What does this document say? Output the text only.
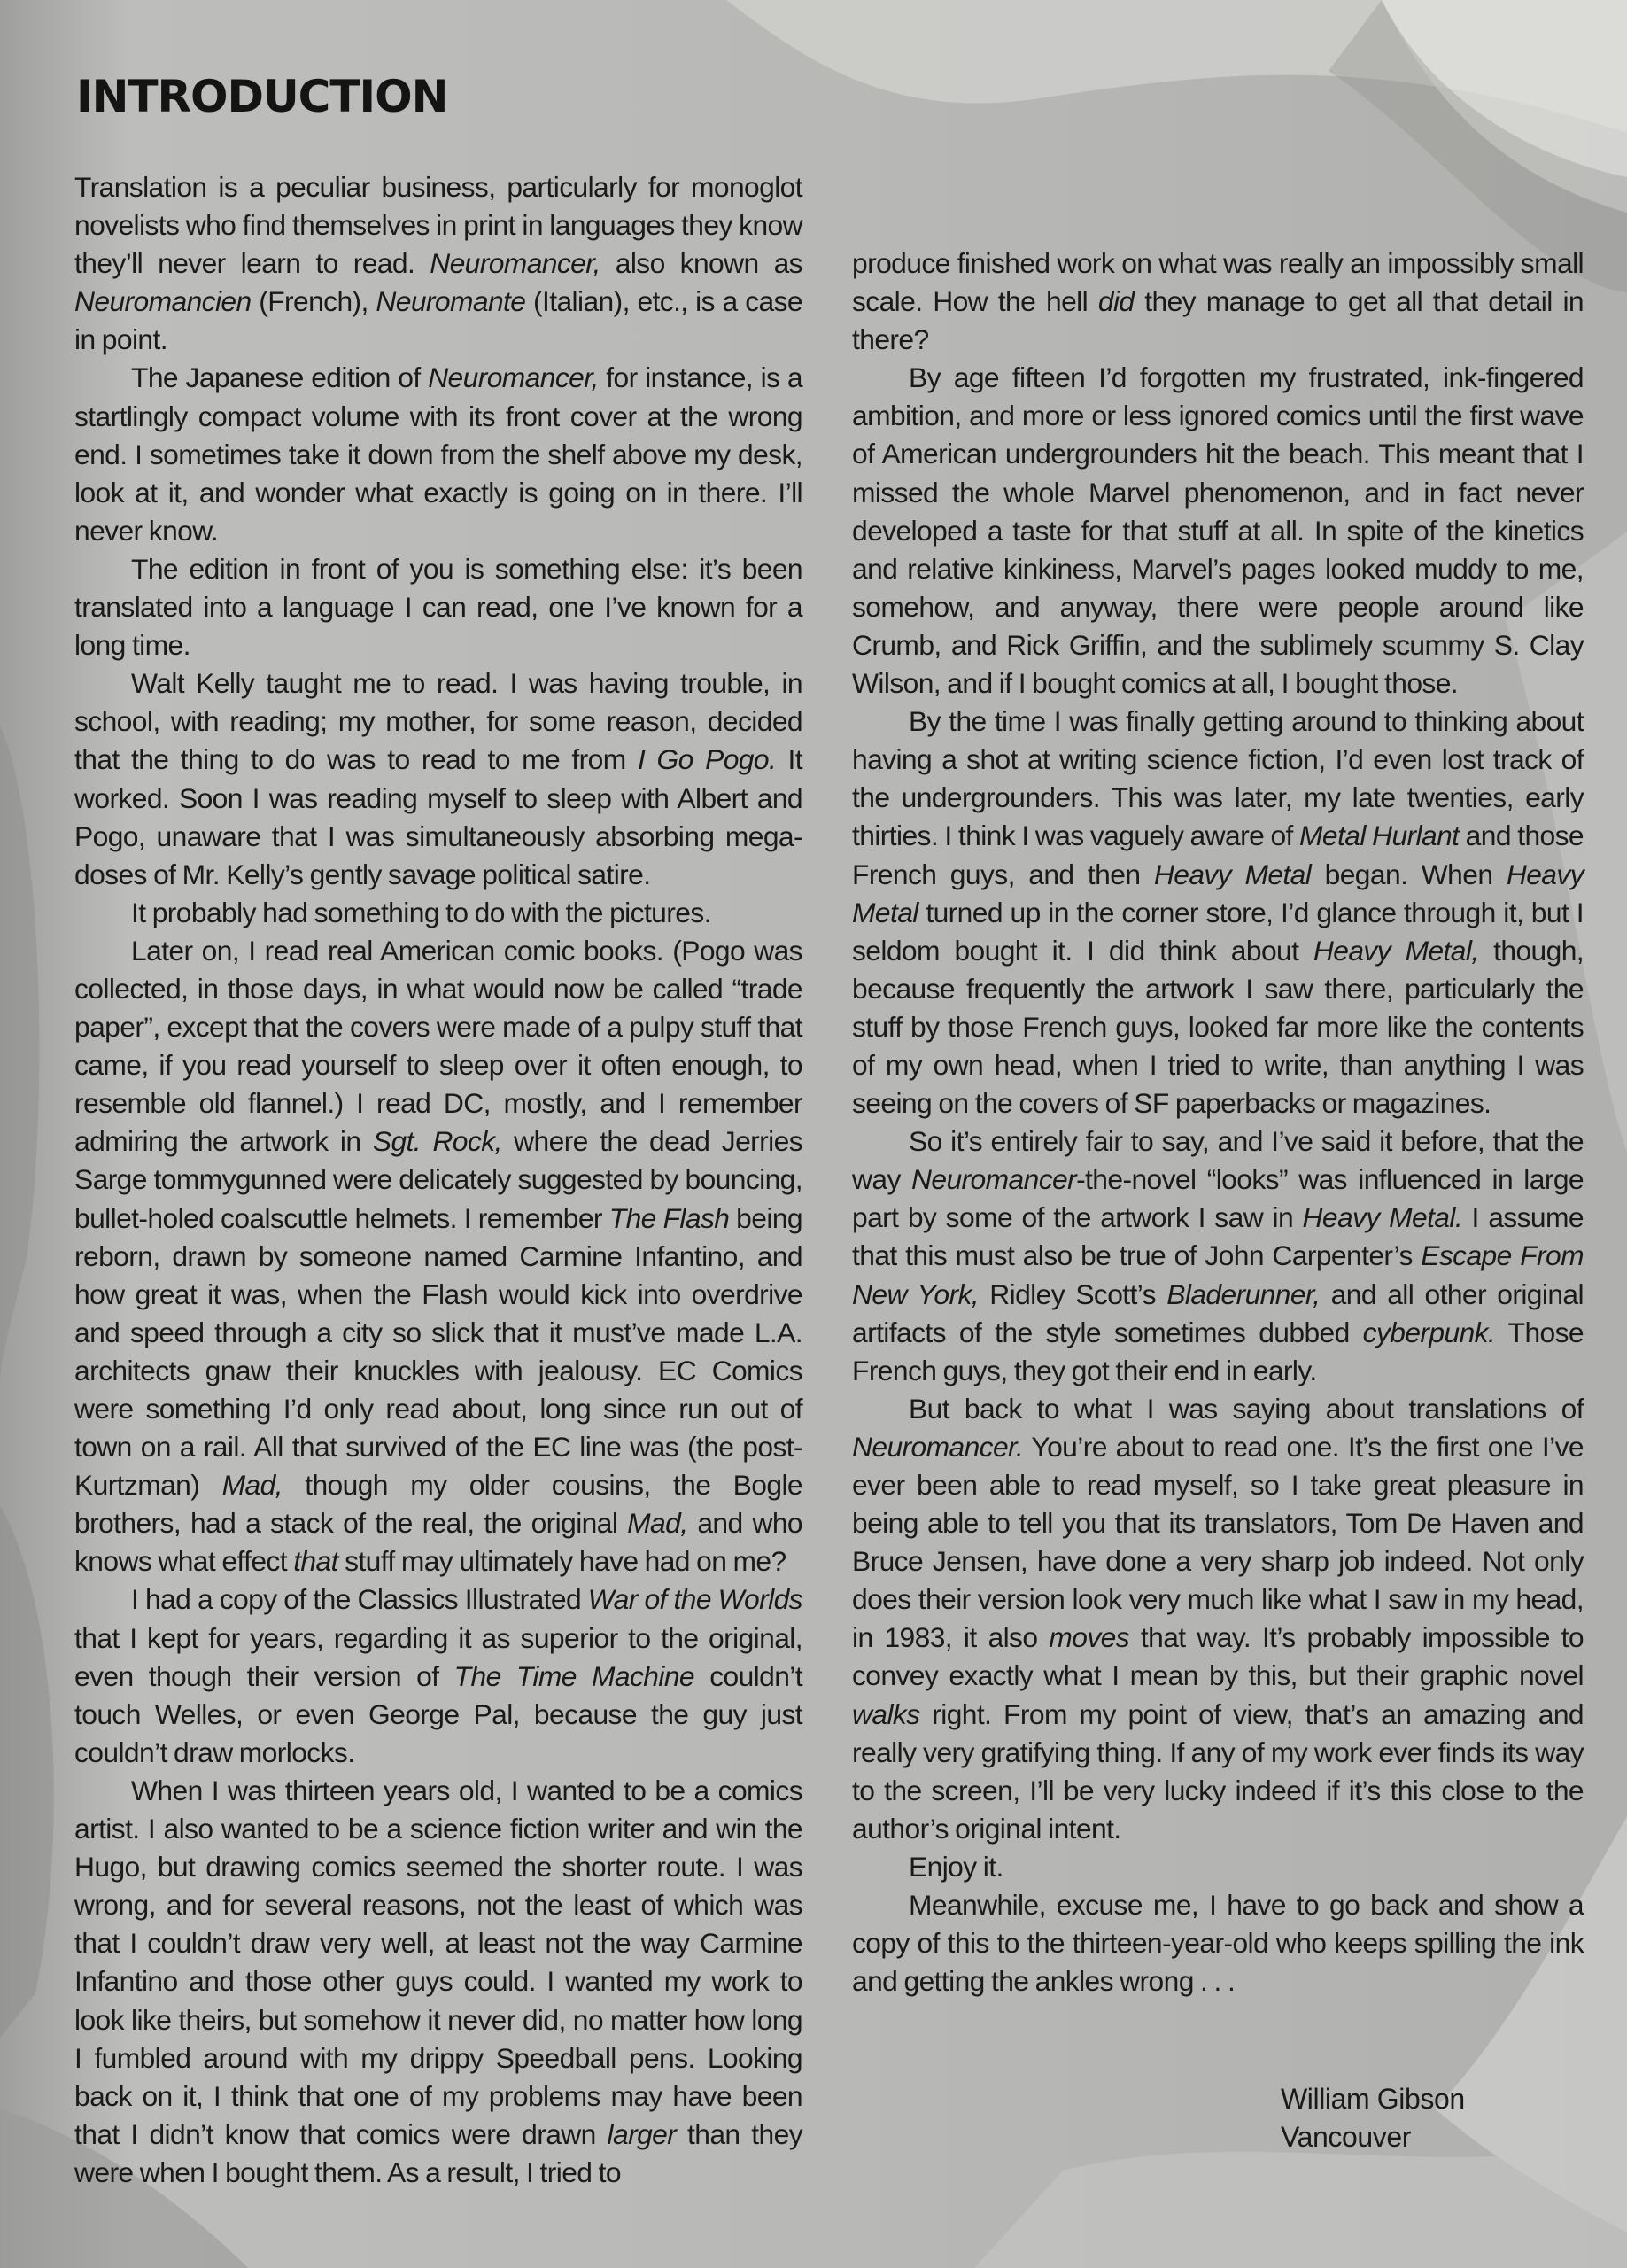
INTRODUCTION

Translation is a peculiar business, particularly for monoglot novelists who find themselves in print in languages they know they’ll never learn to read. Neuromancer, also known as Neuromancien (French), Neuromante (Italian), etc., is a case in point.

The Japanese edition of Neuromancer, for instance, is a startlingly compact volume with its front cover at the wrong end. I sometimes take it down from the shelf above my desk, look at it, and wonder what exactly is going on in there. I’ll never know.

The edition in front of you is something else: it’s been translated into a language I can read, one I’ve known for a long time.

Walt Kelly taught me to read. I was having trouble, in school, with reading; my mother, for some reason, decided that the thing to do was to read to me from I Go Pogo. It worked. Soon I was reading myself to sleep with Albert and Pogo, unaware that I was simultaneously absorbing mega-doses of Mr. Kelly’s gently savage political satire.

It probably had something to do with the pictures.

Later on, I read real American comic books. (Pogo was collected, in those days, in what would now be called “trade paper”, except that the covers were made of a pulpy stuff that came, if you read yourself to sleep over it often enough, to resemble old flannel.) I read DC, mostly, and I remember admiring the artwork in Sgt. Rock, where the dead Jerries Sarge tommygunned were delicately suggested by bouncing, bullet-holed coalscuttle helmets. I remember The Flash being reborn, drawn by someone named Carmine Infantino, and how great it was, when the Flash would kick into overdrive and speed through a city so slick that it must’ve made L.A. architects gnaw their knuckles with jealousy. EC Comics were something I’d only read about, long since run out of town on a rail. All that survived of the EC line was (the post-Kurtzman) Mad, though my older cousins, the Bogle brothers, had a stack of the real, the original Mad, and who knows what effect that stuff may ultimately have had on me?

I had a copy of the Classics Illustrated War of the Worlds that I kept for years, regarding it as superior to the original, even though their version of The Time Machine couldn’t touch Welles, or even George Pal, because the guy just couldn’t draw morlocks.

When I was thirteen years old, I wanted to be a comics artist. I also wanted to be a science fiction writer and win the Hugo, but drawing comics seemed the shorter route. I was wrong, and for several reasons, not the least of which was that I couldn’t draw very well, at least not the way Carmine Infantino and those other guys could. I wanted my work to look like theirs, but somehow it never did, no matter how long I fumbled around with my drippy Speedball pens. Looking back on it, I think that one of my problems may have been that I didn’t know that comics were drawn larger than they were when I bought them. As a result, I tried to

produce finished work on what was really an impossibly small scale. How the hell did they manage to get all that detail in there?

By age fifteen I’d forgotten my frustrated, ink-fingered ambition, and more or less ignored comics until the first wave of American undergrounders hit the beach. This meant that I missed the whole Marvel phenomenon, and in fact never developed a taste for that stuff at all. In spite of the kinetics and relative kinkiness, Marvel’s pages looked muddy to me, somehow, and anyway, there were people around like Crumb, and Rick Griffin, and the sublimely scummy S. Clay Wilson, and if I bought comics at all, I bought those.

By the time I was finally getting around to thinking about having a shot at writing science fiction, I’d even lost track of the undergrounders. This was later, my late twenties, early thirties. I think I was vaguely aware of Metal Hurlant and those French guys, and then Heavy Metal began. When Heavy Metal turned up in the corner store, I’d glance through it, but I seldom bought it. I did think about Heavy Metal, though, because frequently the artwork I saw there, particularly the stuff by those French guys, looked far more like the contents of my own head, when I tried to write, than anything I was seeing on the covers of SF paperbacks or magazines.

So it’s entirely fair to say, and I’ve said it before, that the way Neuromancer-the-novel “looks” was influenced in large part by some of the artwork I saw in Heavy Metal. I assume that this must also be true of John Carpenter’s Escape From New York, Ridley Scott’s Bladerunner, and all other original artifacts of the style sometimes dubbed cyberpunk. Those French guys, they got their end in early.

But back to what I was saying about translations of Neuromancer. You’re about to read one. It’s the first one I’ve ever been able to read myself, so I take great pleasure in being able to tell you that its translators, Tom De Haven and Bruce Jensen, have done a very sharp job indeed. Not only does their version look very much like what I saw in my head, in 1983, it also moves that way. It’s probably impossible to convey exactly what I mean by this, but their graphic novel walks right. From my point of view, that’s an amazing and really very gratifying thing. If any of my work ever finds its way to the screen, I’ll be very lucky indeed if it’s this close to the author’s original intent.

Enjoy it.

Meanwhile, excuse me, I have to go back and show a copy of this to the thirteen-year-old who keeps spilling the ink and getting the ankles wrong . . .

William Gibson
Vancouver
